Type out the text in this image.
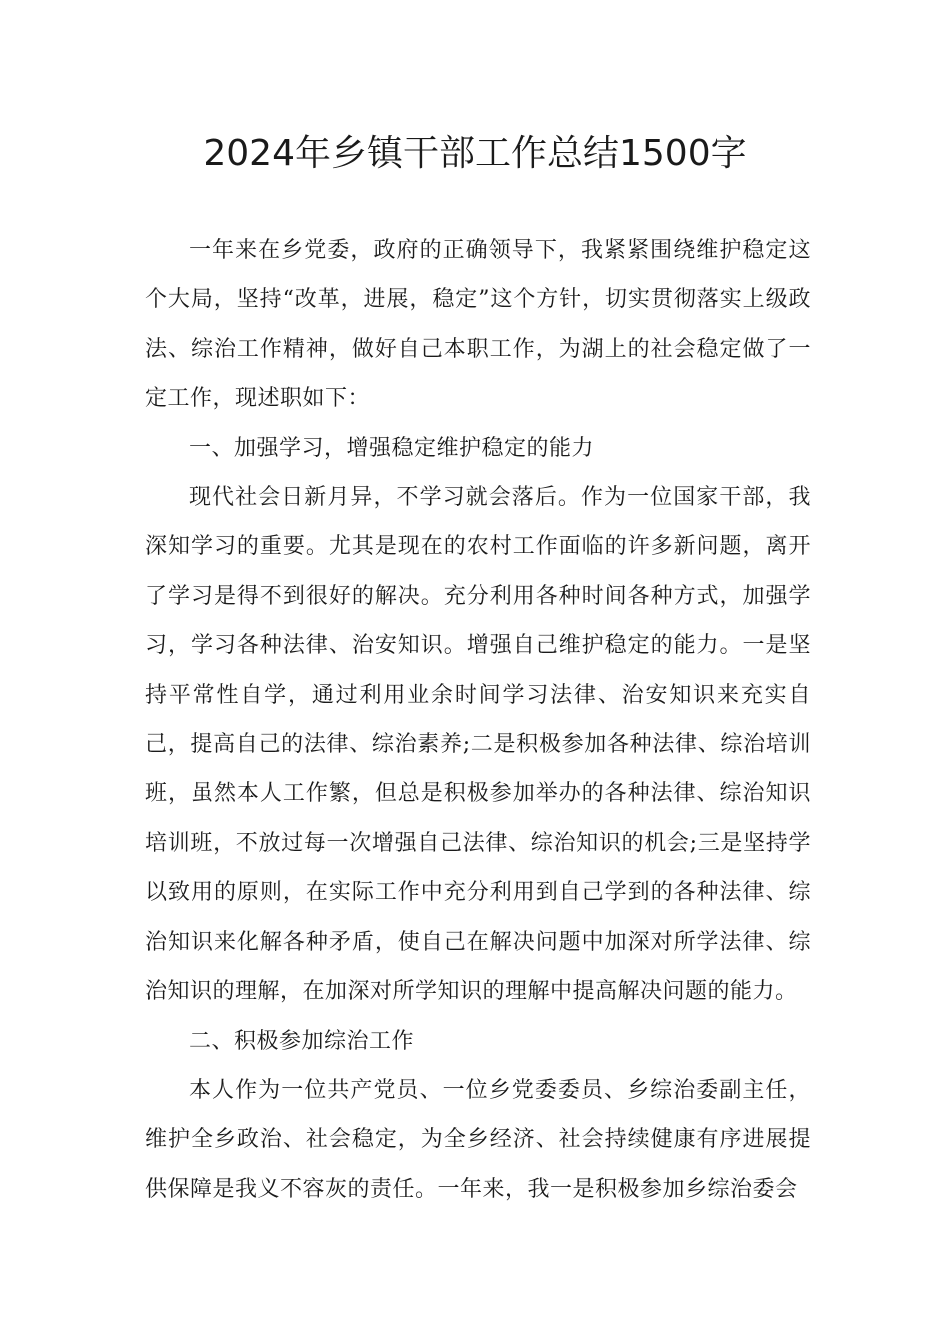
2024年乡镇干部工作总结1500字

一年来在乡党委，政府的正确领导下，我紧紧围绕维护稳定这个大局，坚持“改革，进展，稳定”这个方针，切实贯彻落实上级政法、综治工作精神，做好自己本职工作，为湖上的社会稳定做了一定工作，现述职如下：

一、加强学习，增强稳定维护稳定的能力

现代社会日新月异，不学习就会落后。作为一位国家干部，我深知学习的重要。尤其是现在的农村工作面临的许多新问题，离开了学习是得不到很好的解决。充分利用各种时间各种方式，加强学习，学习各种法律、治安知识。增强自己维护稳定的能力。一是坚持平常性自学，通过利用业余时间学习法律、治安知识来充实自己，提高自己的法律、综治素养;二是积极参加各种法律、综治培训班，虽然本人工作繁，但总是积极参加举办的各种法律、综治知识培训班，不放过每一次增强自己法律、综治知识的机会;三是坚持学以致用的原则，在实际工作中充分利用到自己学到的各种法律、综治知识来化解各种矛盾，使自己在解决问题中加深对所学法律、综治知识的理解，在加深对所学知识的理解中提高解决问题的能力。

二、积极参加综治工作

本人作为一位共产党员、一位乡党委委员、乡综治委副主任，维护全乡政治、社会稳定，为全乡经济、社会持续健康有序进展提供保障是我义不容灰的责任。一年来，我一是积极参加乡综治委会
